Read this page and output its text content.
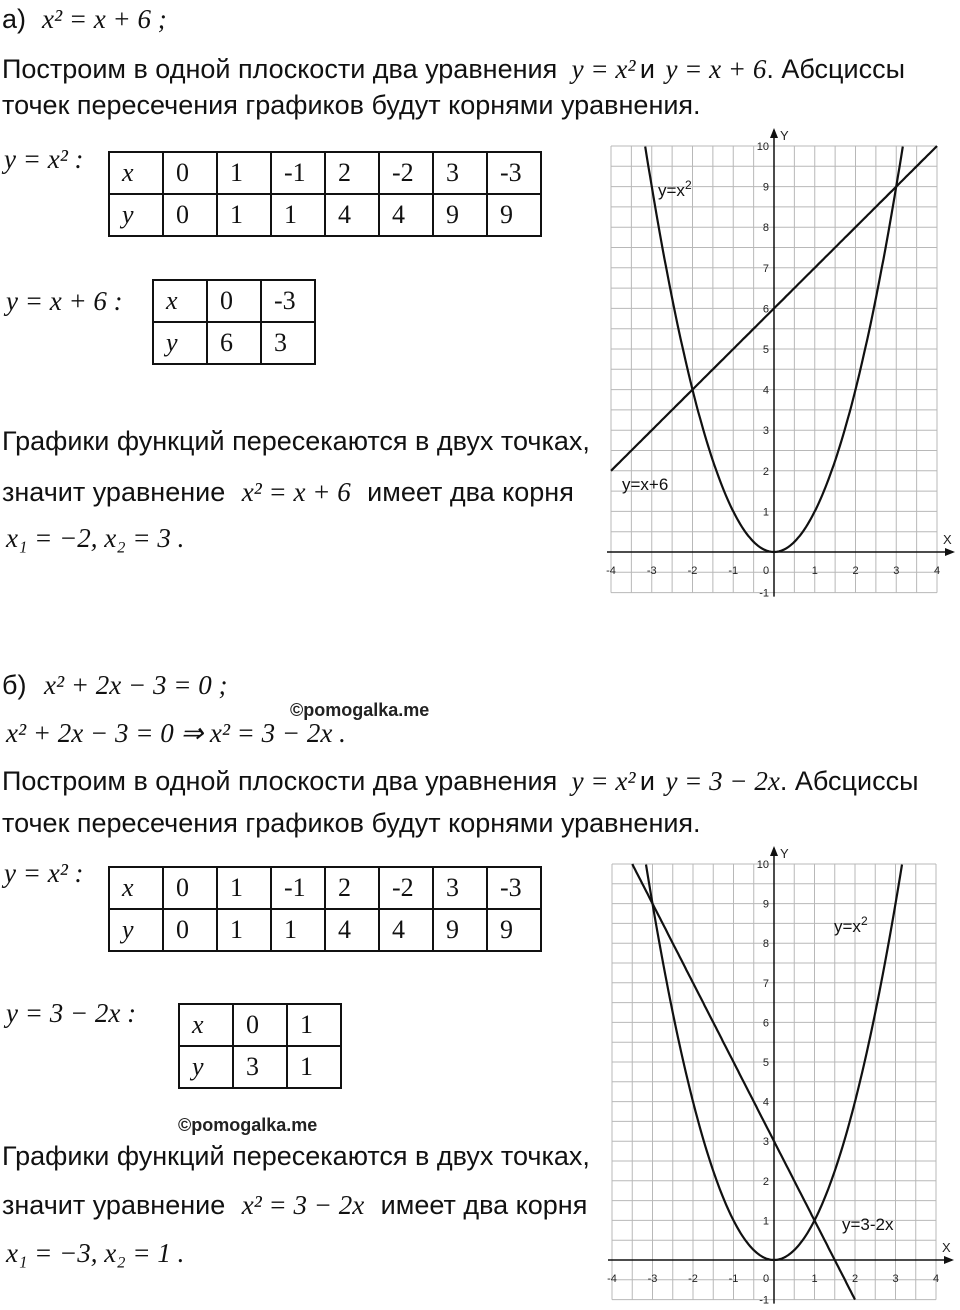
а) x² = x + 6 ;
Построим в одной плоскости два уравнения y = x² и y = x + 6. Абсциссы
точек пересечения графиков будут корнями уравнения.
y = x² : x	0	1	-1	2	-2	3	-3
y	0	1	1	4	4	9	9
y = x + 6 : x	0	-3
y	6	3
Графики функций пересекаются в двух точках,
значит уравнение x² = x + 6 имеет два корня
x₁ = −2, x₂ = 3 .	X
Y
-4	-3	-2	-1 0	1	2	3	4
-1
1
2
3
4
5
6
7
8
9
10
$y=x^2$
y=x+6
б) x² + 2x − 3 = 0 ;
©pomogalka.me
x² + 2x − 3 = 0 ⇒ x² = 3 − 2x .
Построим в одной плоскости два уравнения y = x² и y = 3 − 2x. Абсциссы
точек пересечения графиков будут корнями уравнения.
y = x² : x	0	1	-1	2	-2	3	-3
y	0	1	1	4	4	9	9
y = 3 − 2x : x	0	1
y	3	1
©pomogalka.me
Графики функций пересекаются в двух точках,
значит уравнение x² = 3 − 2x имеет два корня
x₁ = −3, x₂ = 1 .	X
Y
-4	-3	-2	-1 0	1	2	3	4
-1
1
2
3
4
5
6
7
8
9
10
$y=x^2$
y=3-2x
